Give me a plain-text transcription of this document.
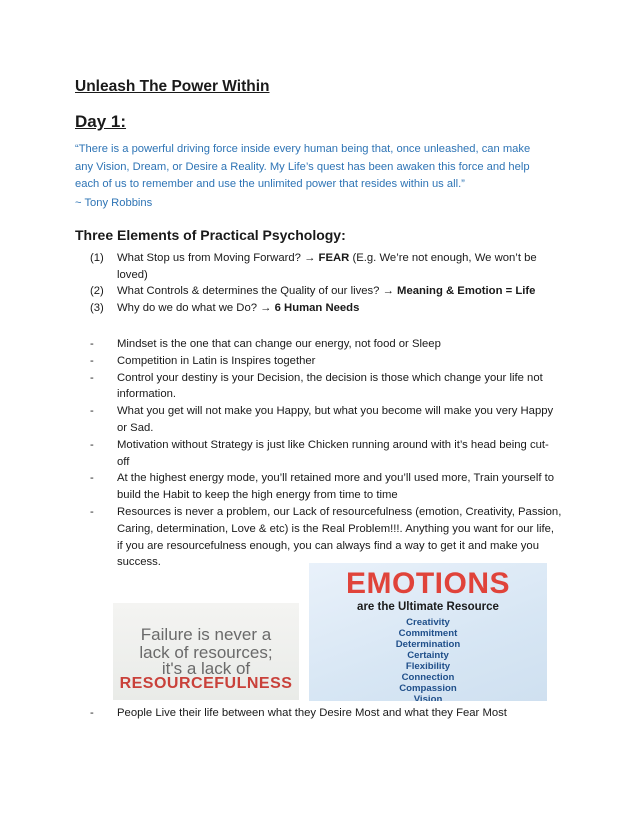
Unleash The Power Within
Day 1:

“There is a powerful driving force inside every human being that, once unleashed, can make
any Vision, Dream, or Desire a Reality. My Life’s quest has been awaken this force and help
each of us to remember and use the unlimited power that resides within us all.”

~ Tony Robbins

Three Elements of Practical Psychology:
(1) What Stop us from Moving Forward? → FEAR (E.g. We’re not enough, We won’t be
loved)
(2) What Controls & determines the Quality of our lives? → Meaning & Emotion = Life
(3) Why do we do what we Do? → 6 Human Needs
- Mindset is the one that can change our energy, not food or Sleep
- Competition in Latin is Inspires together
- Control your destiny is your Decision, the decision is those which change your life not
information.
- What you get will not make you Happy, but what you become will make you very Happy
or Sad.
- Motivation without Strategy is just like Chicken running around with it’s head being cut-
off
- At the highest energy mode, you’ll retained more and you’ll used more, Train yourself to
build the Habit to keep the high energy from time to time
- Resources is never a problem, our Lack of resourcefulness (emotion, Creativity, Passion,
Caring, determination, Love & etc) is the Real Problem!!!. Anything you want for our life,
if you are resourcefulness enough, you can always find a way to get it and make you
success.
Failure is never a
lack of resources;
it's a lack of
RESOURCEFULNESS
EMOTIONS
are the Ultimate Resource
Creativity
Commitment
Determination
Certainty
Flexibility
Connection
Compassion
Vision
- People Live their life between what they Desire Most and what they Fear Most
